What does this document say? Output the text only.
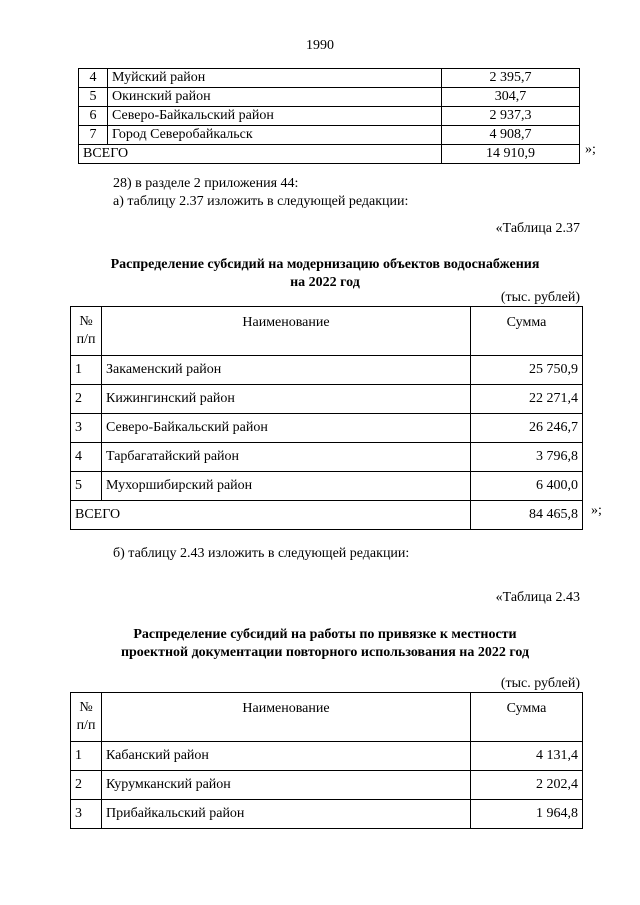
1990
4	Муйский район	2 395,7
5	Окинский район	304,7
6	Северо-Байкальский район	2 937,3
7	Город Северобайкальск	4 908,7
ВСЕГО		14 910,9	»;
28) в разделе 2 приложения 44:
а) таблицу 2.37 изложить в следующей редакции:
«Таблица 2.37
Распределение субсидий на модернизацию объектов водоснабжения
на 2022 год
(тыс. рублей)
№
п/п	Наименование	Сумма
1	Закаменский район	25 750,9
2	Кижингинский район	22 271,4
3	Северо-Байкальский район	26 246,7
4	Тарбагатайский район	3 796,8
5	Мухоршибирский район	6 400,0
ВСЕГО		84 465,8 »;
б) таблицу 2.43 изложить в следующей редакции:
«Таблица 2.43
Распределение субсидий на работы по привязке к местности
проектной документации повторного использования на 2022 год
(тыс. рублей)
№
п/п	Наименование	Сумма
1	Кабанский район	4 131,4
2	Курумканский район	2 202,4
3	Прибайкальский район	1 964,8
